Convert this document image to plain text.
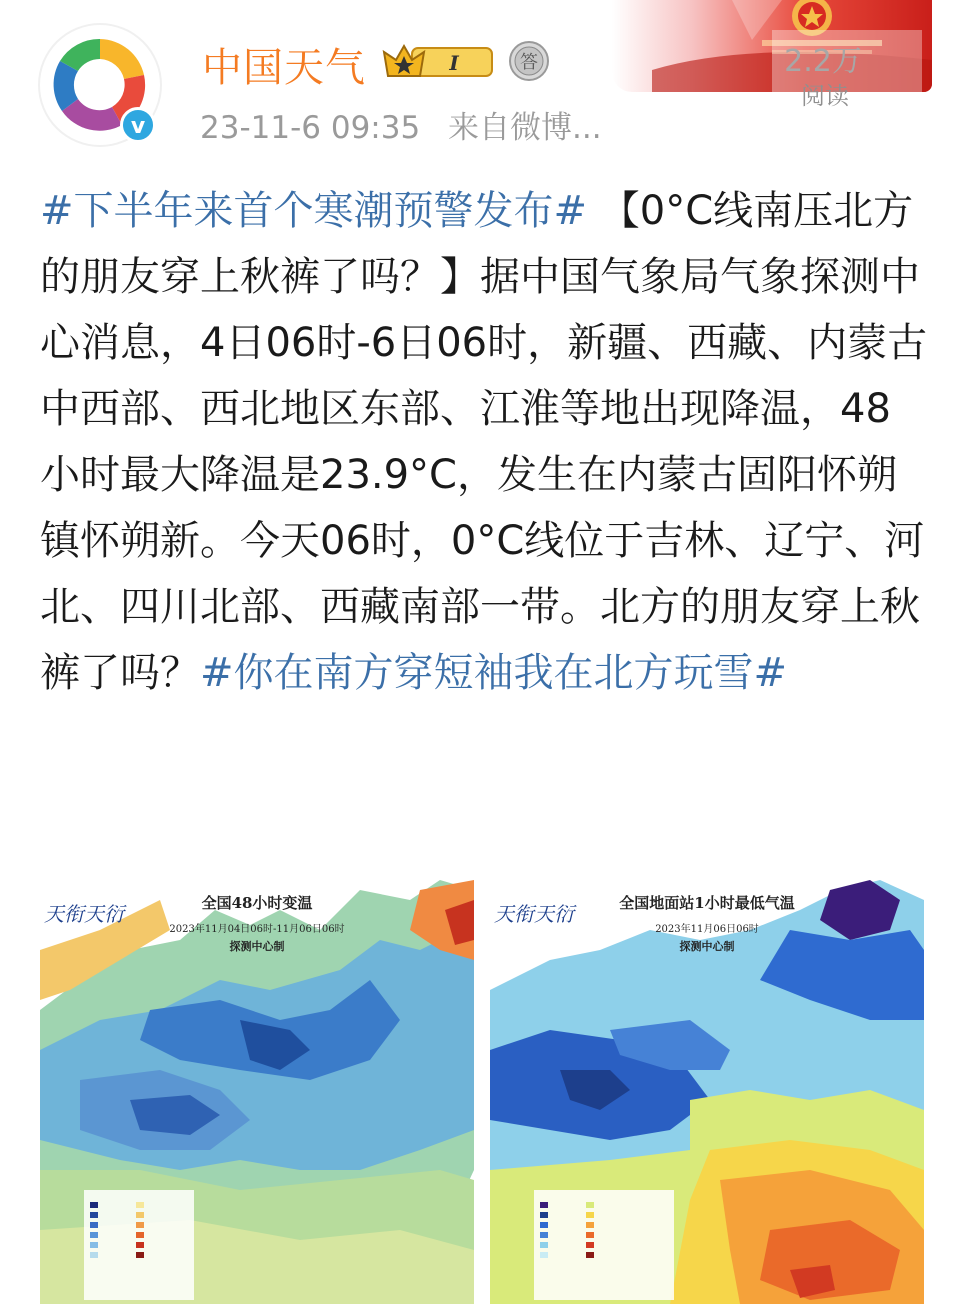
v
中国天气	I	答
23-11-6 09:35 来自微博...
2.2万
阅读
#下半年来首个寒潮预警发布# 【0°C线南压北方的朋友穿上秋裤了吗？】据中国气象局气象探测中心消息，4日06时-6日06时，新疆、西藏、内蒙古中西部、西北地区东部、江淮等地出现降温，48小时最大降温是23.9°C，发生在内蒙古固阳怀朔镇怀朔新。今天06时，0°C线位于吉林、辽宁、河北、四川北部、西藏南部一带。北方的朋友穿上秋裤了吗？#你在南方穿短袖我在北方玩雪#
天衔天衍	全国48小时变温
2023年11月04日06时-11月06日06时
探测中心制
天衔天衍	全国地面站1小时最低气温
2023年11月06日06时
探测中心制
